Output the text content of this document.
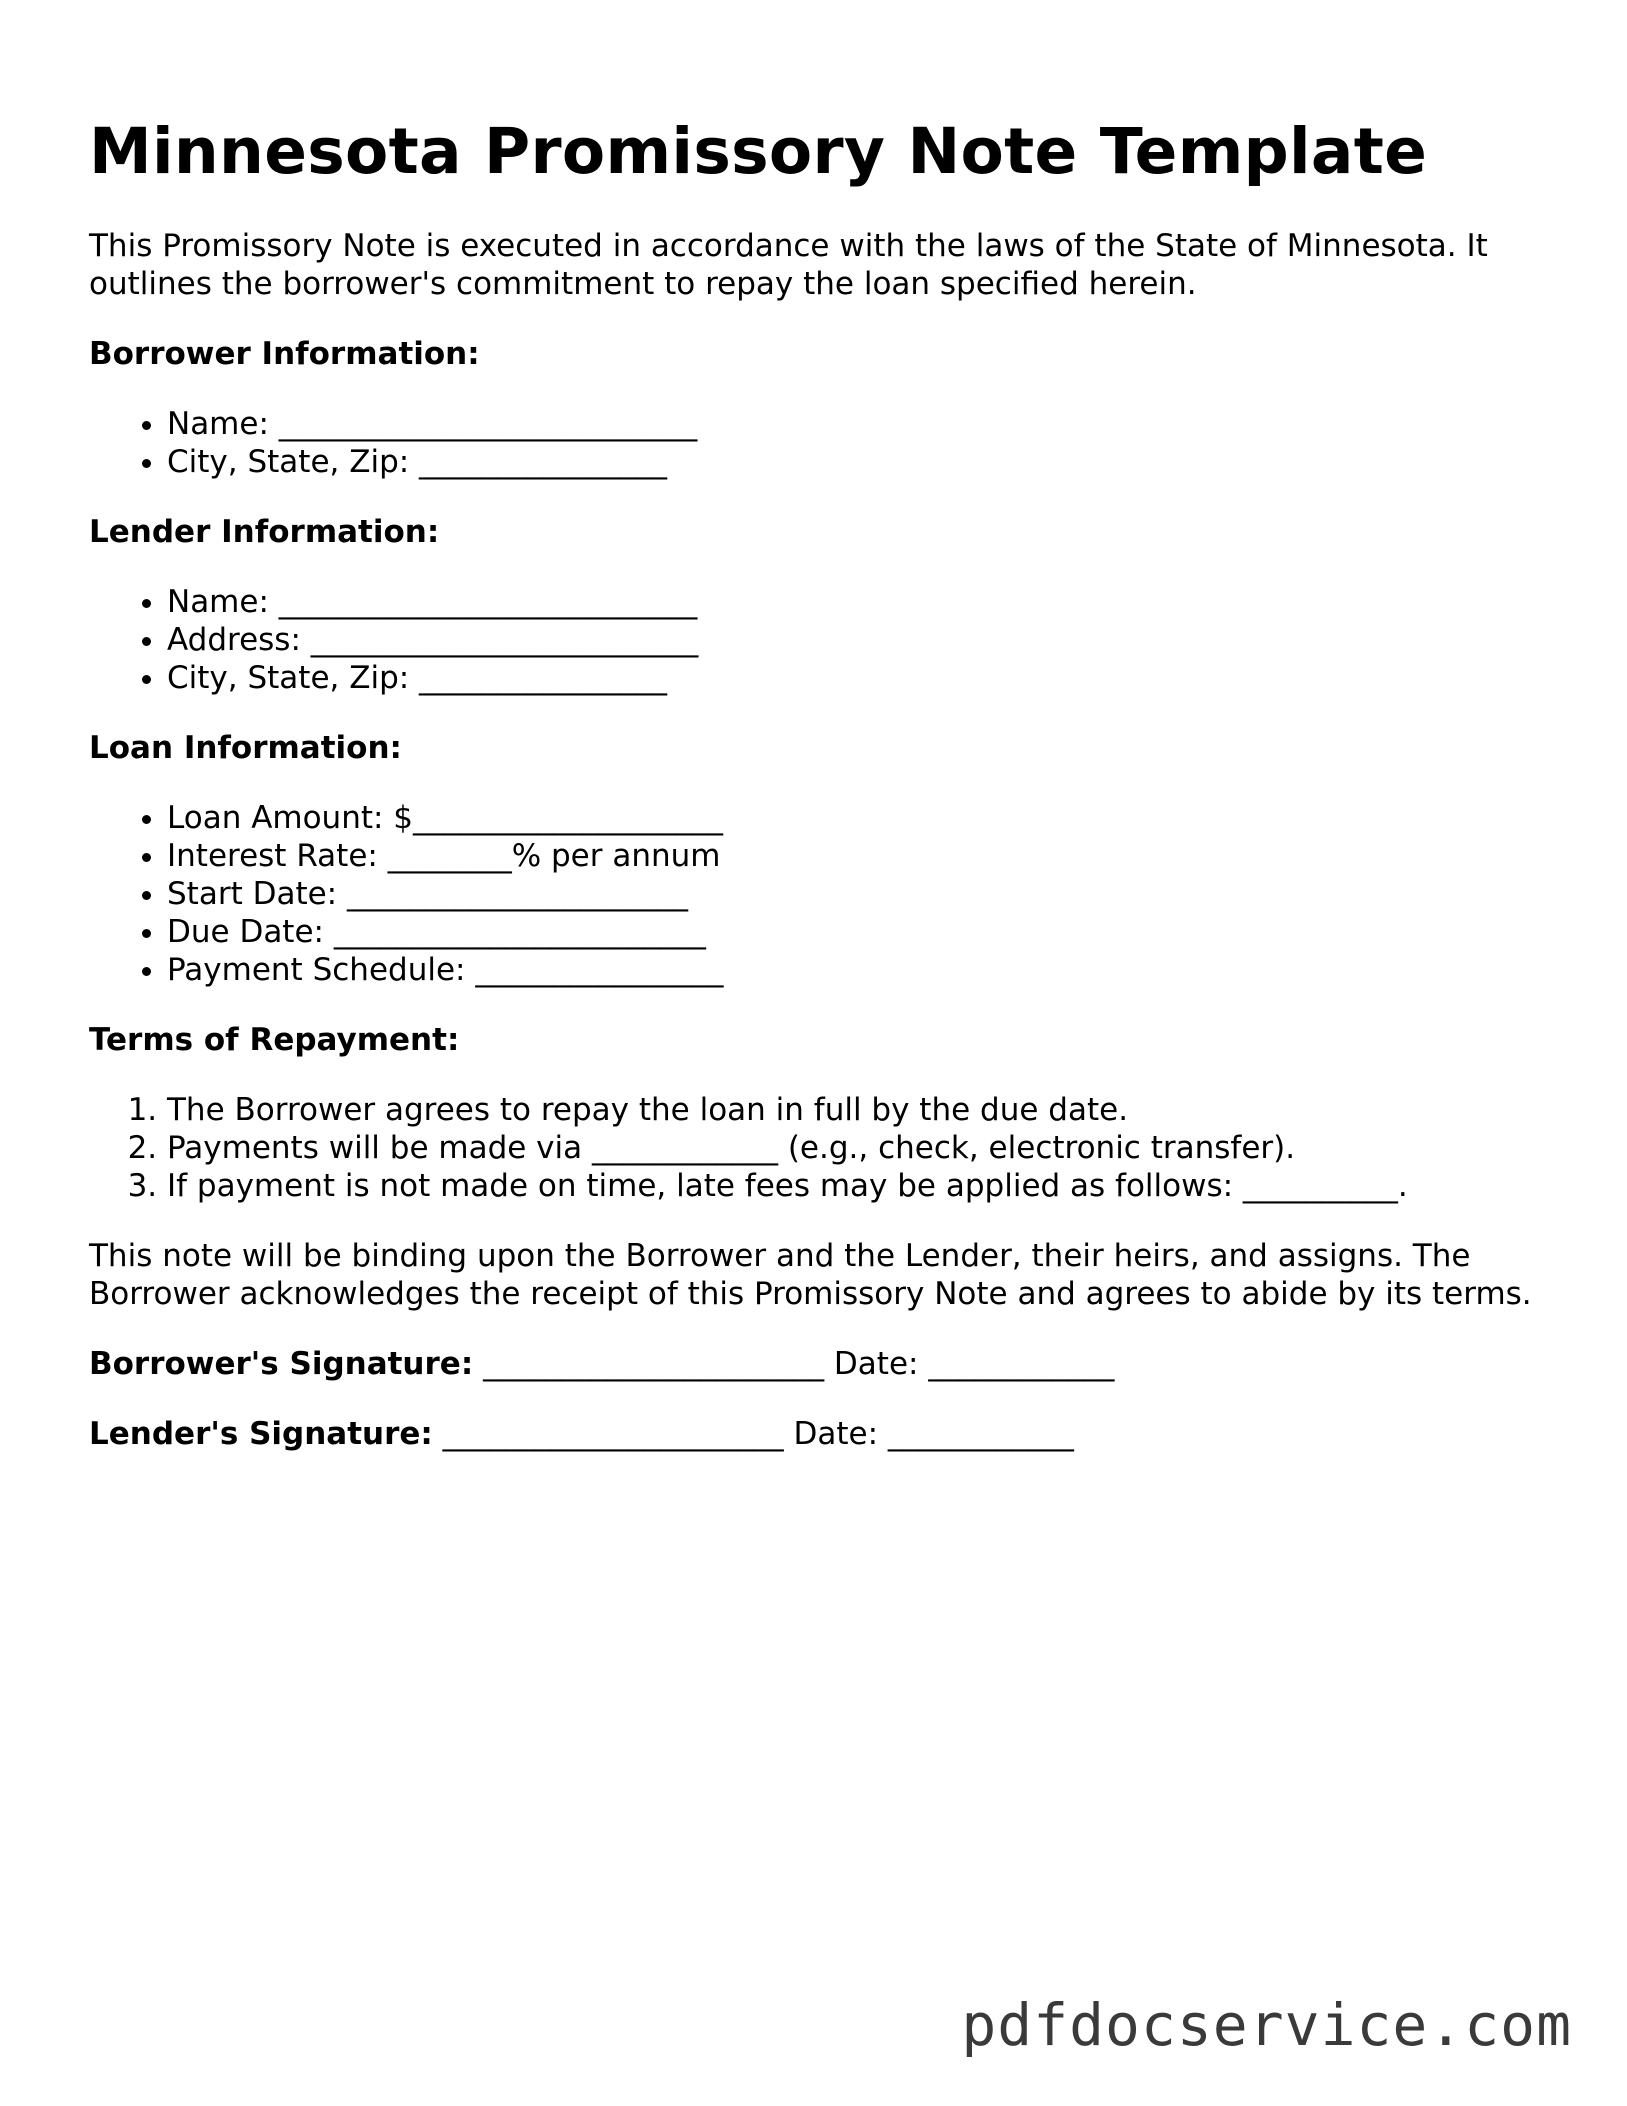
Minnesota Promissory Note Template

This Promissory Note is executed in accordance with the laws of the State of Minnesota. It outlines the borrower's commitment to repay the loan specified herein.

Borrower Information:
• Name: ___________________________
• City, State, Zip: ________________
Lender Information:
• Name: ___________________________
• Address: _________________________
• City, State, Zip: ________________
Loan Information:
• Loan Amount: $____________________
• Interest Rate: ________% per annum
• Start Date: ______________________
• Due Date: ________________________
• Payment Schedule: ________________
Terms of Repayment:
1. The Borrower agrees to repay the loan in full by the due date.
2. Payments will be made via ____________ (e.g., check, electronic transfer).
3. If payment is not made on time, late fees may be applied as follows: __________.

This note will be binding upon the Borrower and the Lender, their heirs, and assigns. The Borrower acknowledges the receipt of this Promissory Note and agrees to abide by its terms.

Borrower's Signature: ______________________ Date: ____________
Lender's Signature: ______________________ Date: ____________
pdfdocservice.com
